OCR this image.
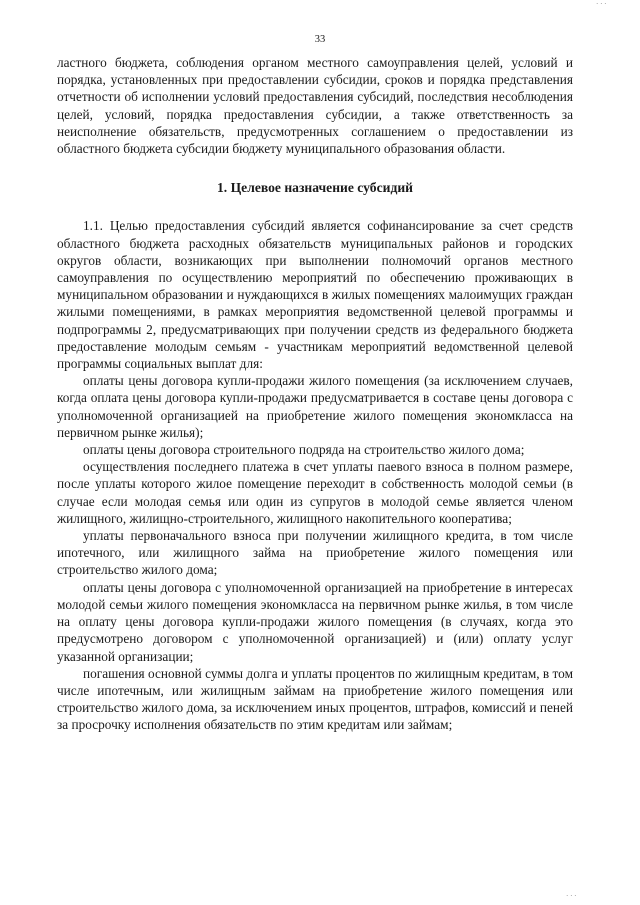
· · ·
33

ластного бюджета, соблюдения органом местного самоуправления целей, условий и порядка, установленных при предоставлении субсидии, сроков и порядка представления отчетности об исполнении условий предоставления субсидий, последствия несоблюдения целей, условий, порядка предоставления субсидии, а также ответственность за неисполнение обязательств, предусмотренных соглашением о предоставлении из областного бюджета субсидии бюджету муниципального образования области.

1. Целевое назначение субсидий

1.1. Целью предоставления субсидий является софинансирование за счет средств областного бюджета расходных обязательств муниципальных районов и городских округов области, возникающих при выполнении полномочий органов местного самоуправления по осуществлению мероприятий по обеспечению проживающих в муниципальном образовании и нуждающихся в жилых помещениях малоимущих граждан жилыми помещениями, в рамках мероприятия ведомственной целевой программы и подпрограммы 2, предусматривающих при получении средств из федерального бюджета предоставление молодым семьям - участникам мероприятий ведомственной целевой программы социальных выплат для:

оплаты цены договора купли-продажи жилого помещения (за исключением случаев, когда оплата цены договора купли-продажи предусматривается в составе цены договора с уполномоченной организацией на приобретение жилого помещения экономкласса на первичном рынке жилья);

оплаты цены договора строительного подряда на строительство жилого дома;

осуществления последнего платежа в счет уплаты паевого взноса в полном размере, после уплаты которого жилое помещение переходит в собственность молодой семьи (в случае если молодая семья или один из супругов в молодой семье является членом жилищного, жилищно-строительного, жилищного накопительного кооператива;

уплаты первоначального взноса при получении жилищного кредита, в том числе ипотечного, или жилищного займа на приобретение жилого помещения или строительство жилого дома;

оплаты цены договора с уполномоченной организацией на приобретение в интересах молодой семьи жилого помещения экономкласса на первичном рынке жилья, в том числе на оплату цены договора купли-продажи жилого помещения (в случаях, когда это предусмотрено договором с уполномоченной организацией) и (или) оплату услуг указанной организации;

погашения основной суммы долга и уплаты процентов по жилищным кредитам, в том числе ипотечным, или жилищным займам на приобретение жилого помещения или строительство жилого дома, за исключением иных процентов, штрафов, комиссий и пеней за просрочку исполнения обязательств по этим кредитам или займам;

· · ·
